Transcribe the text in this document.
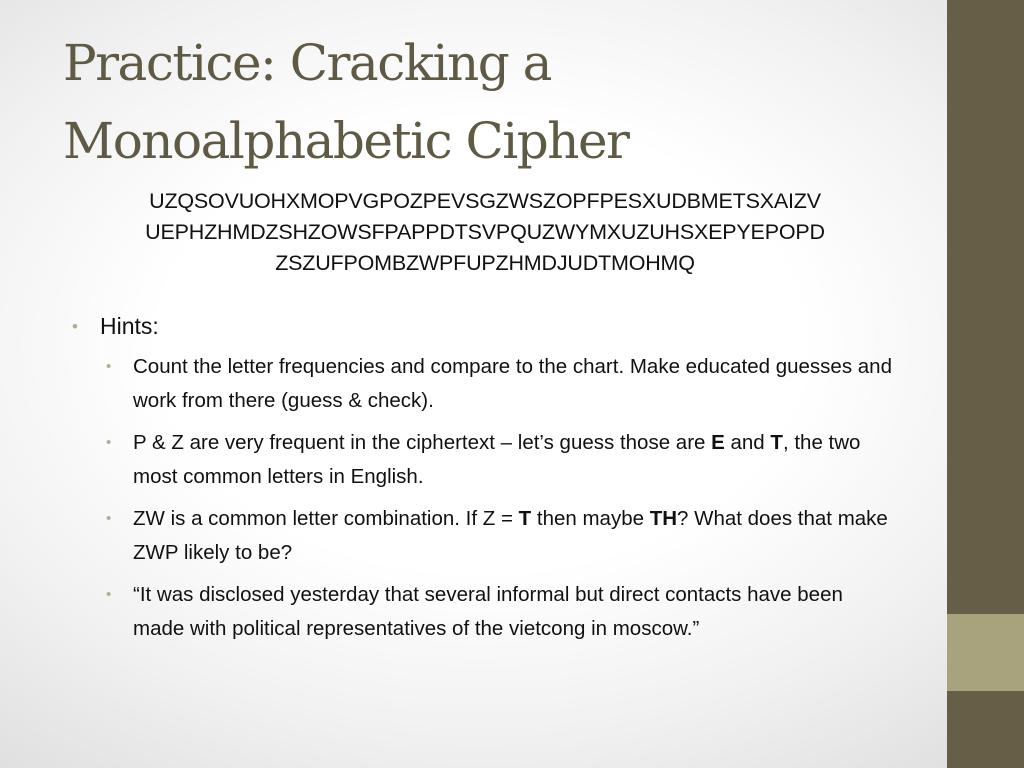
Practice: Cracking a Monoalphabetic Cipher
UZQSOVUOHXMOPVGPOZPEVSGZWSZOPFPESXUDBMETSXAIZV
UEPHZHMDZSHZOWSFPAPPDTSVPQUZWYMXUZUHSXEPYEPOPD
ZSZUFPOMBZWPFUPZHMDJUDTMOHMQ
• Hints:
• Count the letter frequencies and compare to the chart. Make educated guesses and work from there (guess & check).
• P & Z are very frequent in the ciphertext – let’s guess those are E and T, the two most common letters in English.
• ZW is a common letter combination. If Z = T then maybe TH? What does that make ZWP likely to be?
• “It was disclosed yesterday that several informal but direct contacts have been made with political representatives of the vietcong in moscow.”
